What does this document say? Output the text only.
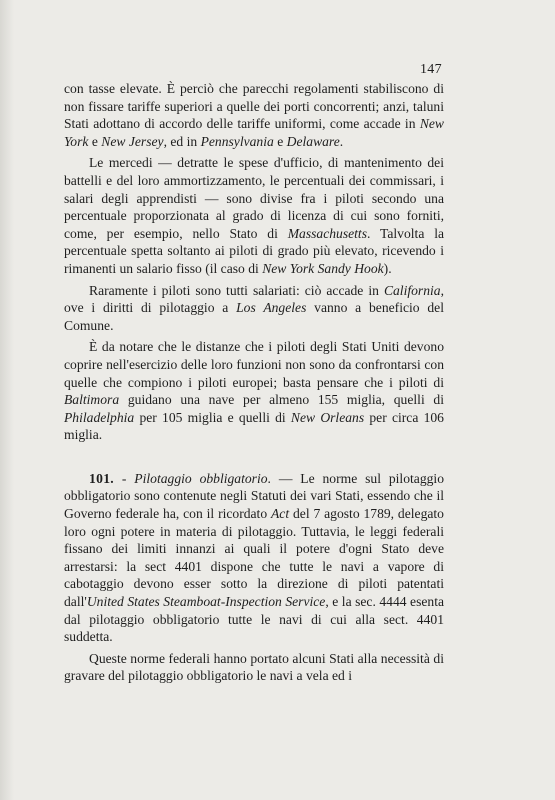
147

con tasse elevate. È perciò che parecchi regolamenti stabiliscono di non fissare tariffe superiori a quelle dei porti concorrenti; anzi, taluni Stati adottano di accordo delle tariffe uniformi, come accade in New York e New Jersey, ed in Pennsylvania e Delaware.

Le mercedi — detratte le spese d'ufficio, di mantenimento dei battelli e del loro ammortizzamento, le percentuali dei commissari, i salari degli apprendisti — sono divise fra i piloti secondo una percentuale proporzionata al grado di licenza di cui sono forniti, come, per esempio, nello Stato di Massachusetts. Talvolta la percentuale spetta soltanto ai piloti di grado più elevato, ricevendo i rimanenti un salario fisso (il caso di New York Sandy Hook).

Raramente i piloti sono tutti salariati: ciò accade in California, ove i diritti di pilotaggio a Los Angeles vanno a beneficio del Comune.

È da notare che le distanze che i piloti degli Stati Uniti devono coprire nell'esercizio delle loro funzioni non sono da confrontarsi con quelle che compiono i piloti europei; basta pensare che i piloti di Baltimora guidano una nave per almeno 155 miglia, quelli di Philadelphia per 105 miglia e quelli di New Orleans per circa 106 miglia.

101. - Pilotaggio obbligatorio. — Le norme sul pilotaggio obbligatorio sono contenute negli Statuti dei vari Stati, essendo che il Governo federale ha, con il ricordato Act del 7 agosto 1789, delegato loro ogni potere in materia di pilotaggio. Tuttavia, le leggi federali fissano dei limiti innanzi ai quali il potere d'ogni Stato deve arrestarsi: la sect 4401 dispone che tutte le navi a vapore di cabotaggio devono esser sotto la direzione di piloti patentati dall'United States Steamboat-Inspection Service, e la sec. 4444 esenta dal pilotaggio obbligatorio tutte le navi di cui alla sect. 4401 suddetta.

Queste norme federali hanno portato alcuni Stati alla necessità di gravare del pilotaggio obbligatorio le navi a vela ed i
